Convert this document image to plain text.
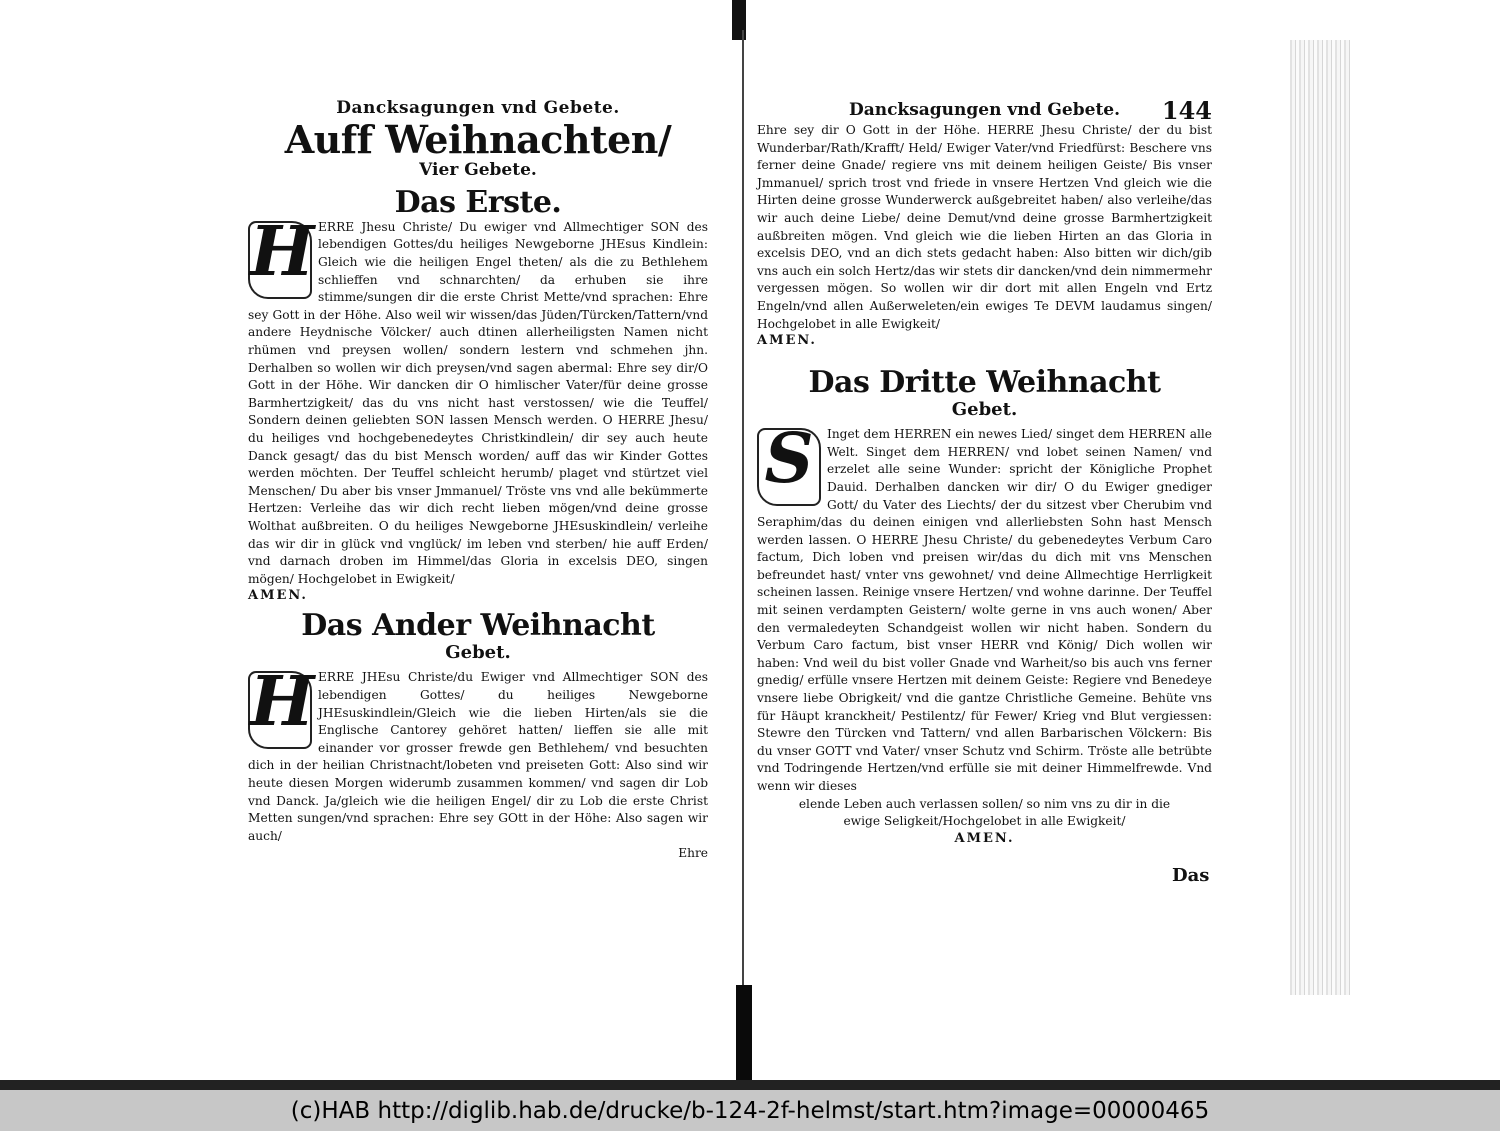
Dancksagungen vnd Gebete.
Auff Weihnachten/
Vier Gebete.
Das Erste.

H ERRE Jhesu Christe/ Du ewiger vnd Allmechtiger SON des lebendigen Gottes/du heiliges Newgeborne JHEsus Kindlein: Gleich wie die heiligen Engel theten/ als die zu Bethlehem schlieffen vnd schnarchten/ da erhuben sie ihre stimme/sungen dir die erste Christ Mette/vnd sprachen: Ehre sey Gott in der Höhe. Also weil wir wissen/das Jüden/Türcken/Tattern/vnd andere Heydnische Völcker/ auch dtinen allerheiligsten Namen nicht rhümen vnd preysen wollen/ sondern lestern vnd schmehen jhn. Derhalben so wollen wir dich preysen/vnd sagen abermal: Ehre sey dir/O Gott in der Höhe. Wir dancken dir O himlischer Vater/für deine grosse Barmhertzigkeit/ das du vns nicht hast verstossen/ wie die Teuffel/ Sondern deinen geliebten SON lassen Mensch werden. O HERRE Jhesu/ du heiliges vnd hochgebenedeytes Christkindlein/ dir sey auch heute Danck gesagt/ das du bist Mensch worden/ auff das wir Kinder Gottes werden möchten. Der Teuffel schleicht herumb/ plaget vnd stürtzet viel Menschen/ Du aber bis vnser Jmmanuel/ Tröste vns vnd alle bekümmerte Hertzen: Verleihe das wir dich recht lieben mögen/vnd deine grosse Wolthat außbreiten. O du heiliges Newgeborne JHEsuskindlein/ verleihe das wir dir in glück vnd vnglück/ im leben vnd sterben/ hie auff Erden/ vnd darnach droben im Himmel/das Gloria in excelsis DEO, singen mögen/ Hochgelobet in Ewigkeit/

AMEN.
Das Ander Weihnacht
Gebet.

H ERRE JHEsu Christe/du Ewiger vnd Allmechtiger SON des lebendigen Gottes/ du heiliges Newgeborne JHEsuskindlein/Gleich wie die lieben Hirten/als sie die Englische Cantorey gehöret hatten/ lieffen sie alle mit einander vor grosser frewde gen Bethlehem/ vnd besuchten dich in der heilian Christnacht/lobeten vnd preiseten Gott: Also sind wir heute diesen Morgen widerumb zusammen kommen/ vnd sagen dir Lob vnd Danck. Ja/gleich wie die heiligen Engel/ dir zu Lob die erste Christ Metten sungen/vnd sprachen: Ehre sey GOtt in der Höhe: Also sagen wir auch/

Ehre
Dancksagungen vnd Gebete. 144

Ehre sey dir O Gott in der Höhe. HERRE Jhesu Christe/ der du bist Wunderbar/Rath/Krafft/ Held/ Ewiger Vater/vnd Friedfürst: Beschere vns ferner deine Gnade/ regiere vns mit deinem heiligen Geiste/ Bis vnser Jmmanuel/ sprich trost vnd friede in vnsere Hertzen Vnd gleich wie die Hirten deine grosse Wunderwerck außgebreitet haben/ also verleihe/das wir auch deine Liebe/ deine Demut/vnd deine grosse Barmhertzigkeit außbreiten mögen. Vnd gleich wie die lieben Hirten an das Gloria in excelsis DEO, vnd an dich stets gedacht haben: Also bitten wir dich/gib vns auch ein solch Hertz/das wir stets dir dancken/vnd dein nimmermehr vergessen mögen. So wollen wir dir dort mit allen Engeln vnd Ertz Engeln/vnd allen Außerweleten/ein ewiges Te DEVM laudamus singen/ Hochgelobet in alle Ewigkeit/

AMEN.
Das Dritte Weihnacht
Gebet.

S	Inget dem HERREN ein newes Lied/ singet dem HERREN alle Welt. Singet dem HERREN/ vnd lobet seinen Namen/ vnd erzelet alle seine Wunder: spricht der Königliche Prophet Dauid. Derhalben dancken wir dir/ O du Ewiger gnediger Gott/ du Vater des Liechts/ der du sitzest vber Cherubim vnd Seraphim/das du deinen einigen vnd allerliebsten Sohn hast Mensch werden lassen. O HERRE Jhesu Christe/ du gebenedeytes Verbum Caro factum, Dich loben vnd preisen wir/das du dich mit vns Menschen befreundet hast/ vnter vns gewohnet/ vnd deine Allmechtige Herrligkeit scheinen lassen. Reinige vnsere Hertzen/ vnd wohne darinne. Der Teuffel mit seinen verdampten Geistern/ wolte gerne in vns auch wonen/ Aber den vermaledeyten Schandgeist wollen wir nicht haben. Sondern du Verbum Caro factum, bist vnser HERR vnd König/ Dich wollen wir haben: Vnd weil du bist voller Gnade vnd Warheit/so bis auch vns ferner gnedig/ erfülle vnsere Hertzen mit deinem Geiste: Regiere vnd Benedeye vnsere liebe Obrigkeit/ vnd die gantze Christliche Gemeine. Behüte vns für Häupt kranckheit/ Pestilentz/ für Fewer/ Krieg vnd Blut vergiessen: Stewre den Türcken vnd Tattern/ vnd allen Barbarischen Völckern: Bis du vnser GOTT vnd Vater/ vnser Schutz vnd Schirm. Tröste alle betrübte vnd Todringende Hertzen/vnd erfülle sie mit deiner Himmelfrewde. Vnd wenn wir dieses

elende Leben auch verlassen sollen/ so nim vns zu dir in die
ewige Seligkeit/Hochgelobet in alle Ewigkeit/
AMEN.
Das
(c)HAB http://diglib.hab.de/drucke/b-124-2f-helmst/start.htm?image=00000465
